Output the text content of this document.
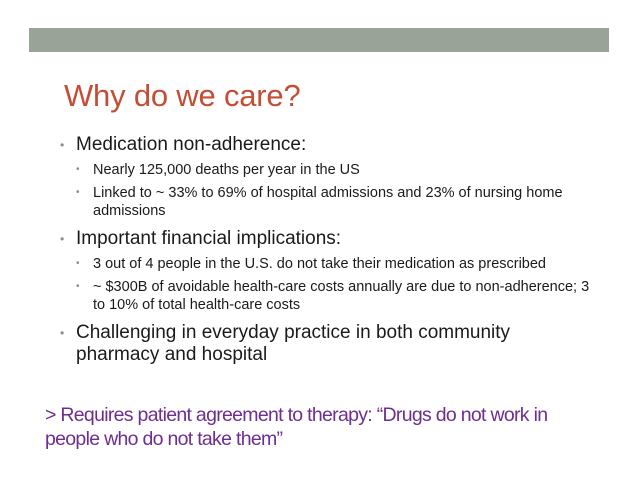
Why do we care?
• Medication non-adherence:
• Nearly 125,000 deaths per year in the US
• Linked to ~ 33% to 69% of hospital admissions and 23% of nursing home admissions
• Important financial implications:
• 3 out of 4 people in the U.S. do not take their medication as prescribed
• ~ $300B of avoidable health-care costs annually are due to non-adherence; 3 to 10% of total health-care costs
• Challenging in everyday practice in both community pharmacy and hospital

> Requires patient agreement to therapy: “Drugs do not work in people who do not take them”
